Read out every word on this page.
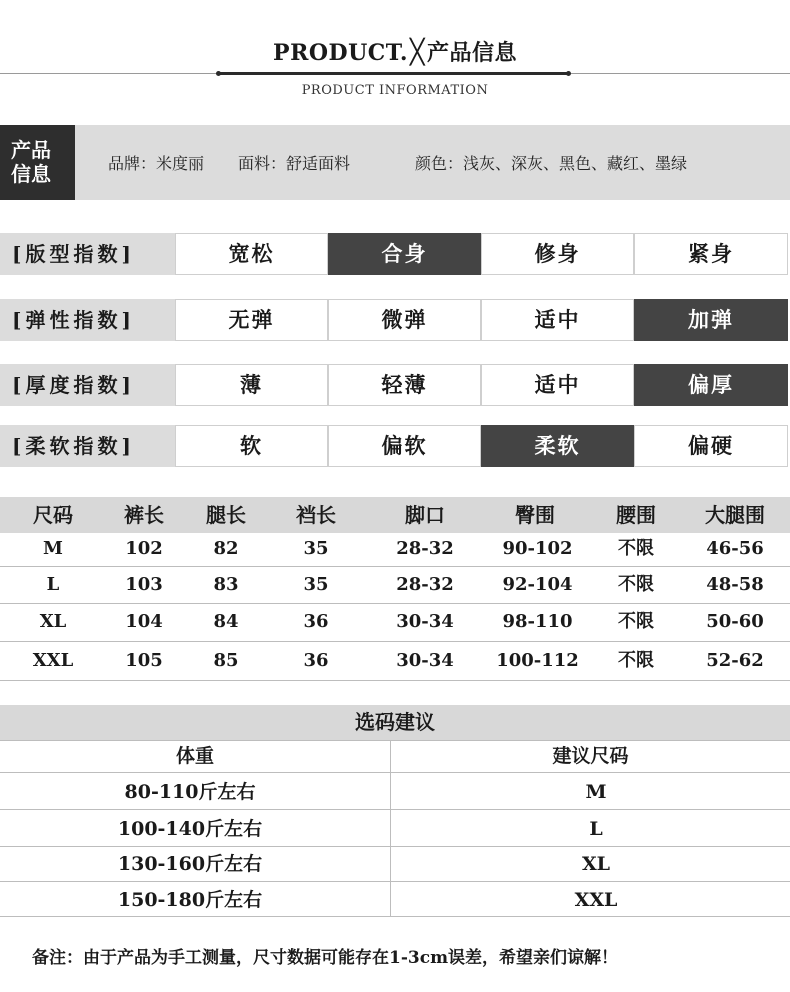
PRODUCT.╳产品信息
PRODUCT INFORMATION
产品
信息	品牌：米度丽 面料：舒适面料	颜色：浅灰、深灰、黑色、藏红、墨绿
[版型指数]	宽松	合身	修身	紧身
[弹性指数]	无弹	微弹	适中	加弹
[厚度指数]	薄	轻薄	适中	偏厚
[柔软指数]	软	偏软	柔软	偏硬
尺码	裤长	腿长	裆长	脚口	臀围	腰围	大腿围
M	102	82	35	28-32	90-102	不限	46-56
L	103	83	35	28-32	92-104	不限	48-58
XL	104	84	36	30-34	98-110	不限	50-60
XXL	105	85	36	30-34	100-112	不限	52-62
选码建议
体重	建议尺码
80-110斤左右	M
100-140斤左右	L
130-160斤左右	XL
150-180斤左右	XXL
备注：由于产品为手工测量，尺寸数据可能存在1-3cm误差，希望亲们谅解！
